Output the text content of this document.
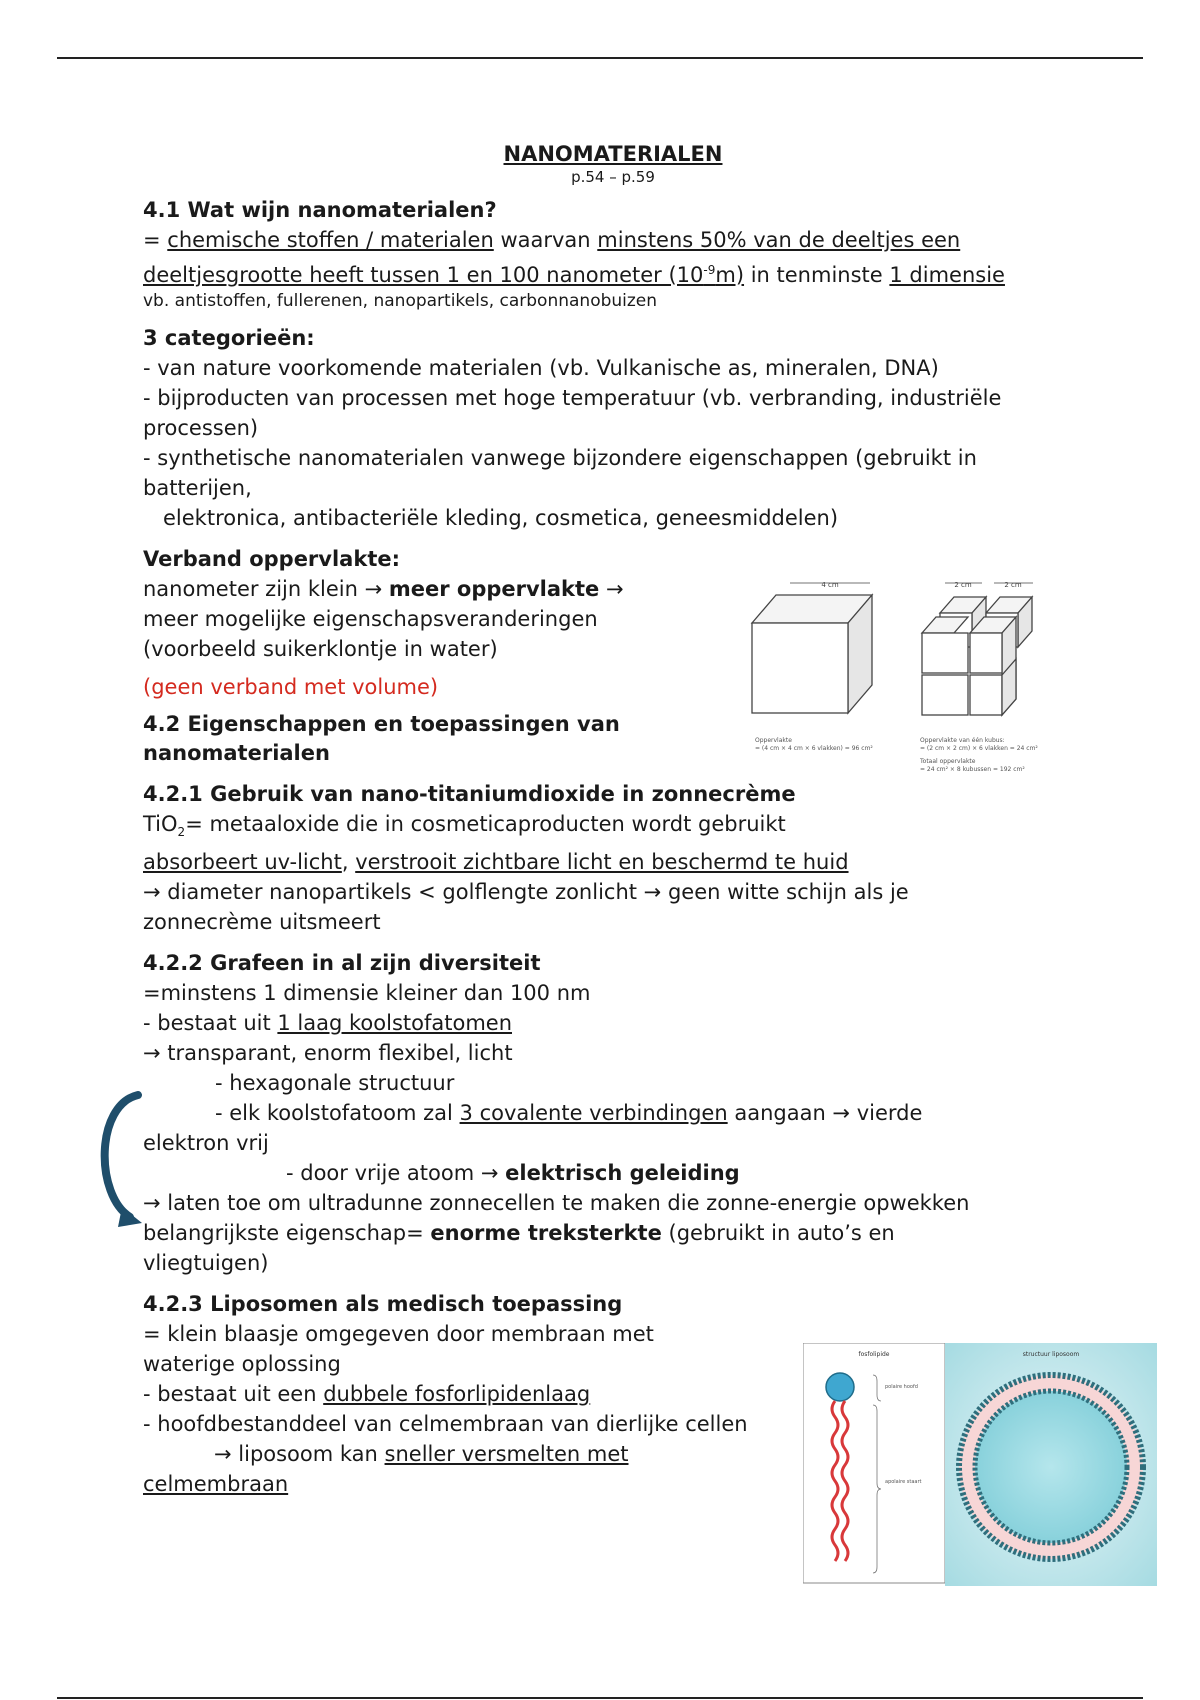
NANOMATERIALEN
p.54 – p.59
4.1 Wat wijn nanomaterialen?
= chemische stoffen / materialen waarvan minstens 50% van de deeltjes een
deeltjesgrootte heeft tussen 1 en 100 nanometer $(10^{-9}m)$ in tenminste 1 dimensie
vb. antistoffen, fullerenen, nanopartikels, carbonnanobuizen
3 categorieën:
- van nature voorkomende materialen (vb. Vulkanische as, mineralen, DNA)
- bijproducten van processen met hoge temperatuur (vb. verbranding, industriële
processen)
- synthetische nanomaterialen vanwege bijzondere eigenschappen (gebruikt in
batterijen,
elektronica, antibacteriële kleding, cosmetica, geneesmiddelen)
Verband oppervlakte:
nanometer zijn klein → meer oppervlakte →
meer mogelijke eigenschapsveranderingen
(voorbeeld suikerklontje in water)
(geen verband met volume)
4.2 Eigenschappen en toepassingen van
nanomaterialen
4.2.1 Gebruik van nano-titaniumdioxide in zonnecrème
TiO$_2$= metaaloxide die in cosmeticaproducten wordt gebruikt
absorbeert uv-licht, verstrooit zichtbare licht en beschermd te huid
→ diameter nanopartikels < golflengte zonlicht → geen witte schijn als je
zonnecrème uitsmeert
4.2.2 Grafeen in al zijn diversiteit
=minstens 1 dimensie kleiner dan 100 nm
- bestaat uit 1 laag koolstofatomen
→ transparant, enorm flexibel, licht
- hexagonale structuur
- elk koolstofatoom zal 3 covalente verbindingen aangaan → vierde
elektron vrij
- door vrije atoom → elektrisch geleiding
→ laten toe om ultradunne zonnecellen te maken die zonne-energie opwekken
belangrijkste eigenschap= enorme treksterkte (gebruikt in auto’s en
vliegtuigen)
4.2.3 Liposomen als medisch toepassing
= klein blaasje omgegeven door membraan met
waterige oplossing
- bestaat uit een dubbele fosforlipidenlaag
- hoofdbestanddeel van celmembraan van dierlijke cellen
→ liposoom kan sneller versmelten met
celmembraan
4 cm	2 cm	2 cm
Oppervlakte
= (4 cm × 4 cm × 6 vlakken) = 96 cm²
Oppervlakte van één kubus:
= (2 cm × 2 cm) × 6 vlakken = 24 cm²
Totaal oppervlakte
= 24 cm² × 8 kubussen = 192 cm²
fosfolipide	structuur liposoom
polaire hoofd
apolaire staart
